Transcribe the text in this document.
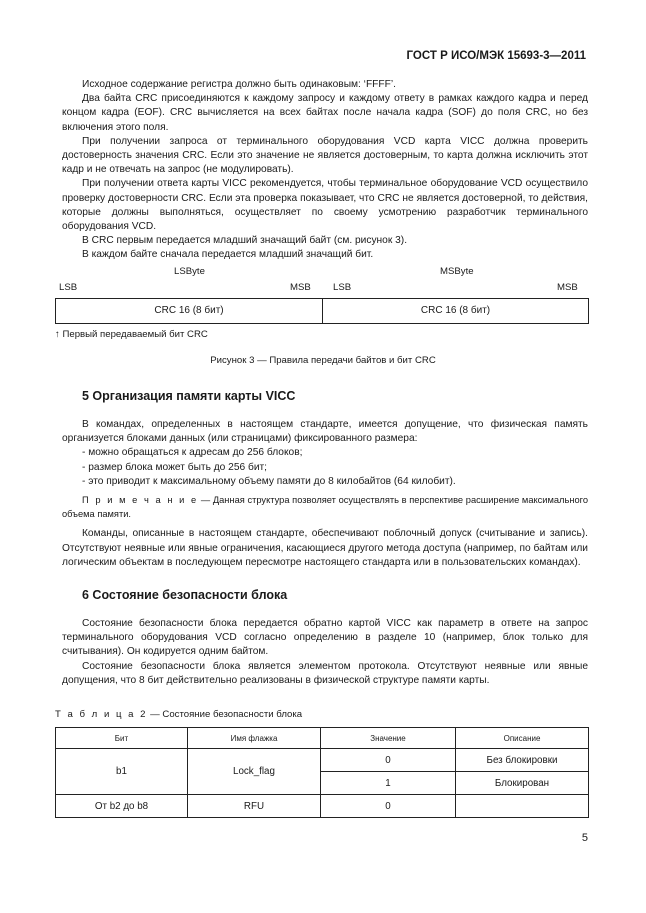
ГОСТ Р ИСО/МЭК 15693-3—2011

Исходное содержание регистра должно быть одинаковым: ‘FFFF’.

Два байта CRC присоединяются к каждому запросу и каждому ответу в рамках каждого кадра и перед концом кадра (EOF). CRC вычисляется на всех байтах после начала кадра (SOF) до поля CRC, но без включения этого поля.

При получении запроса от терминального оборудования VCD карта VICC должна проверить достоверность значения CRC. Если это значение не является достоверным, то карта должна исключить этот кадр и не отвечать на запрос (не модулировать).

При получении ответа карты VICC рекомендуется, чтобы терминальное оборудование VCD осуществило проверку достоверности CRC. Если эта проверка показывает, что CRC не является достоверной, то действия, которые должны выполняться, осуществляет по своему усмотрению разработчик терминального оборудования VCD.

В CRC первым передается младший значащий байт (см. рисунок 3).

В каждом байте сначала передается младший значащий бит.

LSByte	MSByte
LSB	MSB LSB	MSB
CRC 16 (8 бит)	CRC 16 (8 бит)
↑ Первый передаваемый бит CRC
Рисунок 3 — Правила передачи байтов и бит CRC
5 Организация памяти карты VICC

В командах, определенных в настоящем стандарте, имеется допущение, что физическая память организуется блоками данных (или страницами) фиксированного размера:

- можно обращаться к адресам до 256 блоков;

- размер блока может быть до 256 бит;

- это приводит к максимальному объему памяти до 8 килобайтов (64 килобит).

П р и м е ч а н и е — Данная структура позволяет осуществлять в перспективе расширение максимального объема памяти.

Команды, описанные в настоящем стандарте, обеспечивают поблочный допуск (считывание и запись). Отсутствуют неявные или явные ограничения, касающиеся другого метода доступа (например, по байтам или логическим объектам в последующем пересмотре настоящего стандарта или в пользовательских командах).

6 Состояние безопасности блока

Состояние безопасности блока передается обратно картой VICC как параметр в ответе на запрос терминального оборудования VCD согласно определению в разделе 10 (например, блок только для считывания). Он кодируется одним байтом.

Состояние безопасности блока является элементом протокола. Отсутствуют неявные или явные допущения, что 8 бит действительно реализованы в физической структуре памяти карты.

Т а б л и ц а 2 — Состояние безопасности блока
Бит	Имя флажка	Значение	Описание
b1	Lock_flag	0	Без блокировки
		1	Блокирован
От b2 до b8	RFU	0	
5
